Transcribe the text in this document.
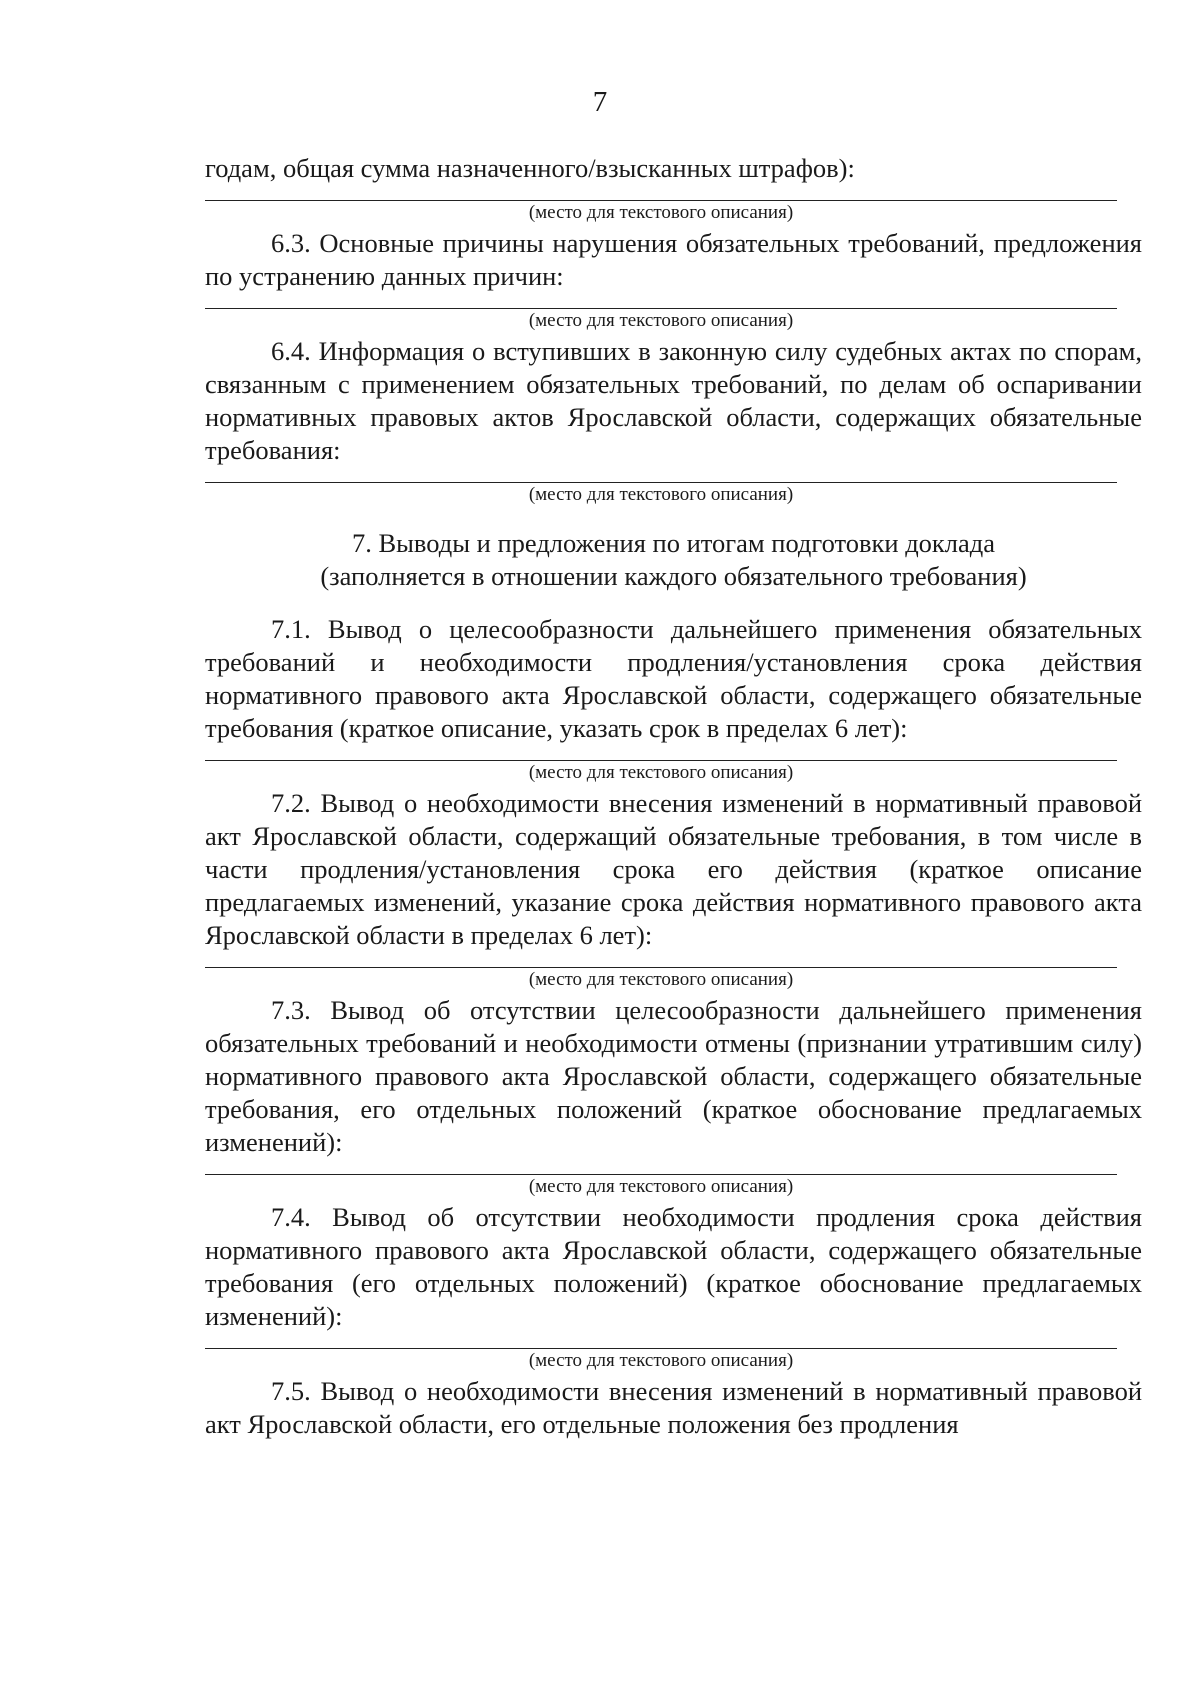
7

годам, общая сумма назначенного/взысканных штрафов):

(место для текстового описания)

6.3. Основные причины нарушения обязательных требований, предложения по устранению данных причин:

(место для текстового описания)

6.4. Информация о вступивших в законную силу судебных актах по спорам, связанным с применением обязательных требований, по делам об оспаривании нормативных правовых актов Ярославской области, содержащих обязательные требования:

(место для текстового описания)
7. Выводы и предложения по итогам подготовки доклада
(заполняется в отношении каждого обязательного требования)

7.1. Вывод о целесообразности дальнейшего применения обязательных требований и необходимости продления/установления срока действия нормативного правового акта Ярославской области, содержащего обязательные требования (краткое описание, указать срок в пределах 6 лет):

(место для текстового описания)

7.2. Вывод о необходимости внесения изменений в нормативный правовой акт Ярославской области, содержащий обязательные требования, в том числе в части продления/установления срока его действия (краткое описание предлагаемых изменений, указание срока действия нормативного правового акта Ярославской области в пределах 6 лет):

(место для текстового описания)

7.3. Вывод об отсутствии целесообразности дальнейшего применения обязательных требований и необходимости отмены (признании утратившим силу) нормативного правового акта Ярославской области, содержащего обязательные требования, его отдельных положений (краткое обоснование предлагаемых изменений):

(место для текстового описания)

7.4. Вывод об отсутствии необходимости продления срока действия нормативного правового акта Ярославской области, содержащего обязательные требования (его отдельных положений) (краткое обоснование предлагаемых изменений):

(место для текстового описания)

7.5. Вывод о необходимости внесения изменений в нормативный правовой акт Ярославской области, его отдельные положения без продления
